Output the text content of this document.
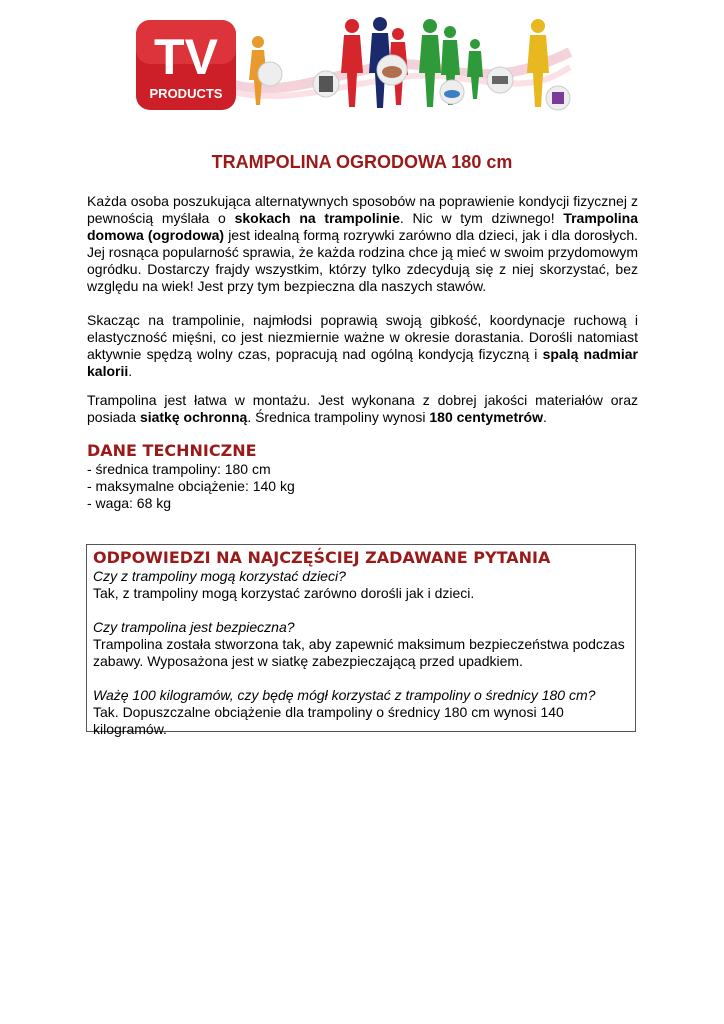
TV
PRODUCTS
TRAMPOLINA OGRODOWA 180 cm

Każda osoba poszukująca alternatywnych sposobów na poprawienie kondycji fizycznej z pewnością myślała o skokach na trampolinie. Nic w tym dziwnego! Trampolina domowa (ogrodowa) jest idealną formą rozrywki zarówno dla dzieci, jak i dla dorosłych. Jej rosnąca popularność sprawia, że każda rodzina chce ją mieć w swoim przydomowym ogródku. Dostarczy frajdy wszystkim, którzy tylko zdecydują się z niej skorzystać, bez względu na wiek! Jest przy tym bezpieczna dla naszych stawów.

Skacząc na trampolinie, najmłodsi poprawią swoją gibkość, koordynacje ruchową i elastyczność mięśni, co jest niezmiernie ważne w okresie dorastania. Dorośli natomiast aktywnie spędzą wolny czas, popracują nad ogólną kondycją fizyczną i spalą nadmiar kalorii.

Trampolina jest łatwa w montażu. Jest wykonana z dobrej jakości materiałów oraz posiada siatkę ochronną. Średnica trampoliny wynosi 180 centymetrów.

DANE TECHNICZNE
- średnica trampoliny: 180 cm
- maksymalne obciążenie: 140 kg
- waga: 68 kg
ODPOWIEDZI NA NAJCZĘŚCIEJ ZADAWANE PYTANIA
Czy z trampoliny mogą korzystać dzieci?
Tak, z trampoliny mogą korzystać zarówno dorośli jak i dzieci.
Czy trampolina jest bezpieczna?
Trampolina została stworzona tak, aby zapewnić maksimum bezpieczeństwa podczas zabawy. Wyposażona jest w siatkę zabezpieczającą przed upadkiem.
Ważę 100 kilogramów, czy będę mógł korzystać z trampoliny o średnicy 180 cm?
Tak. Dopuszczalne obciążenie dla trampoliny o średnicy 180 cm wynosi 140 kilogramów.
